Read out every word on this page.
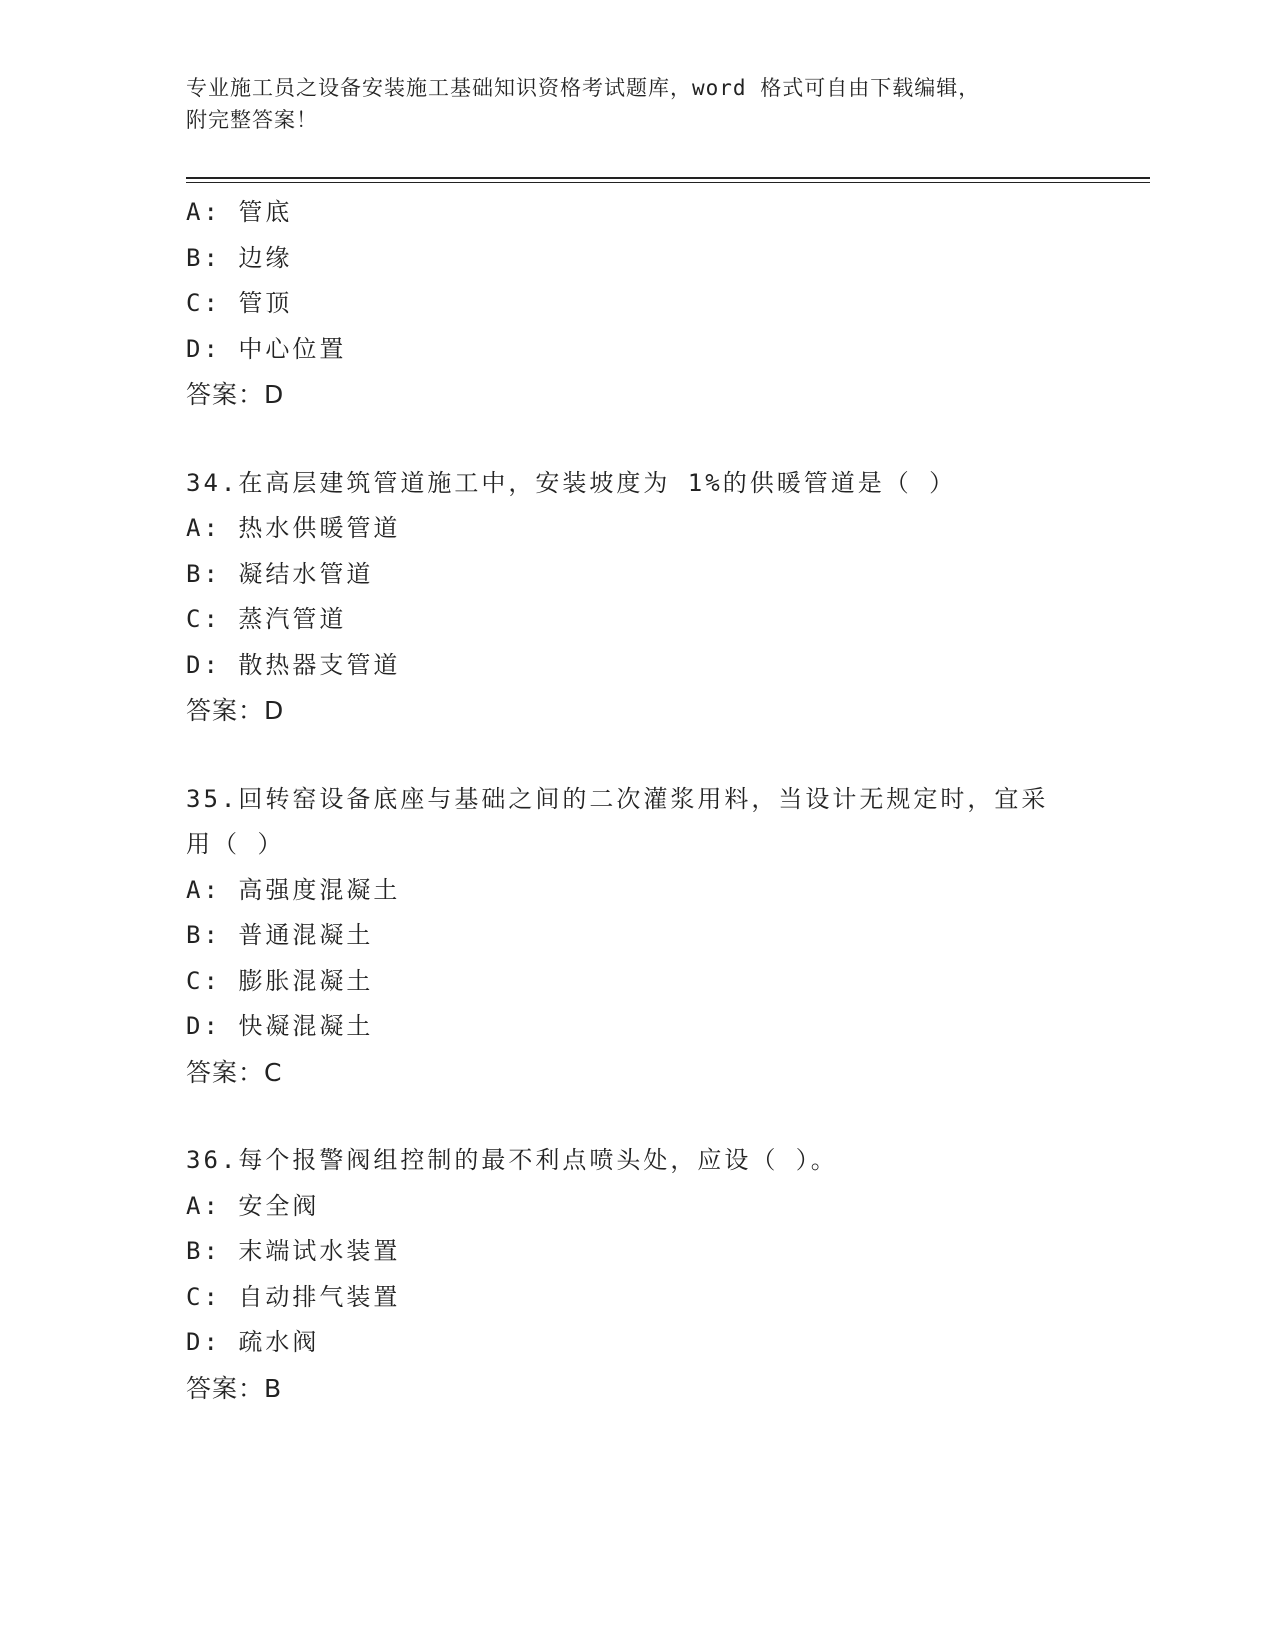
专业施工员之设备安装施工基础知识资格考试题库，word 格式可自由下载编辑，
附完整答案！
A: 管底
B: 边缘
C: 管顶
D: 中心位置
答案：D
34.在高层建筑管道施工中，安装坡度为 1%的供暖管道是（ ）
A: 热水供暖管道
B: 凝结水管道
C: 蒸汽管道
D: 散热器支管道
答案：D
35.回转窑设备底座与基础之间的二次灌浆用料，当设计无规定时，宜采用（ ）
A: 高强度混凝土
B: 普通混凝土
C: 膨胀混凝土
D: 快凝混凝土
答案：C
36.每个报警阀组控制的最不利点喷头处，应设（ ）。
A: 安全阀
B: 末端试水装置
C: 自动排气装置
D: 疏水阀
答案：B
